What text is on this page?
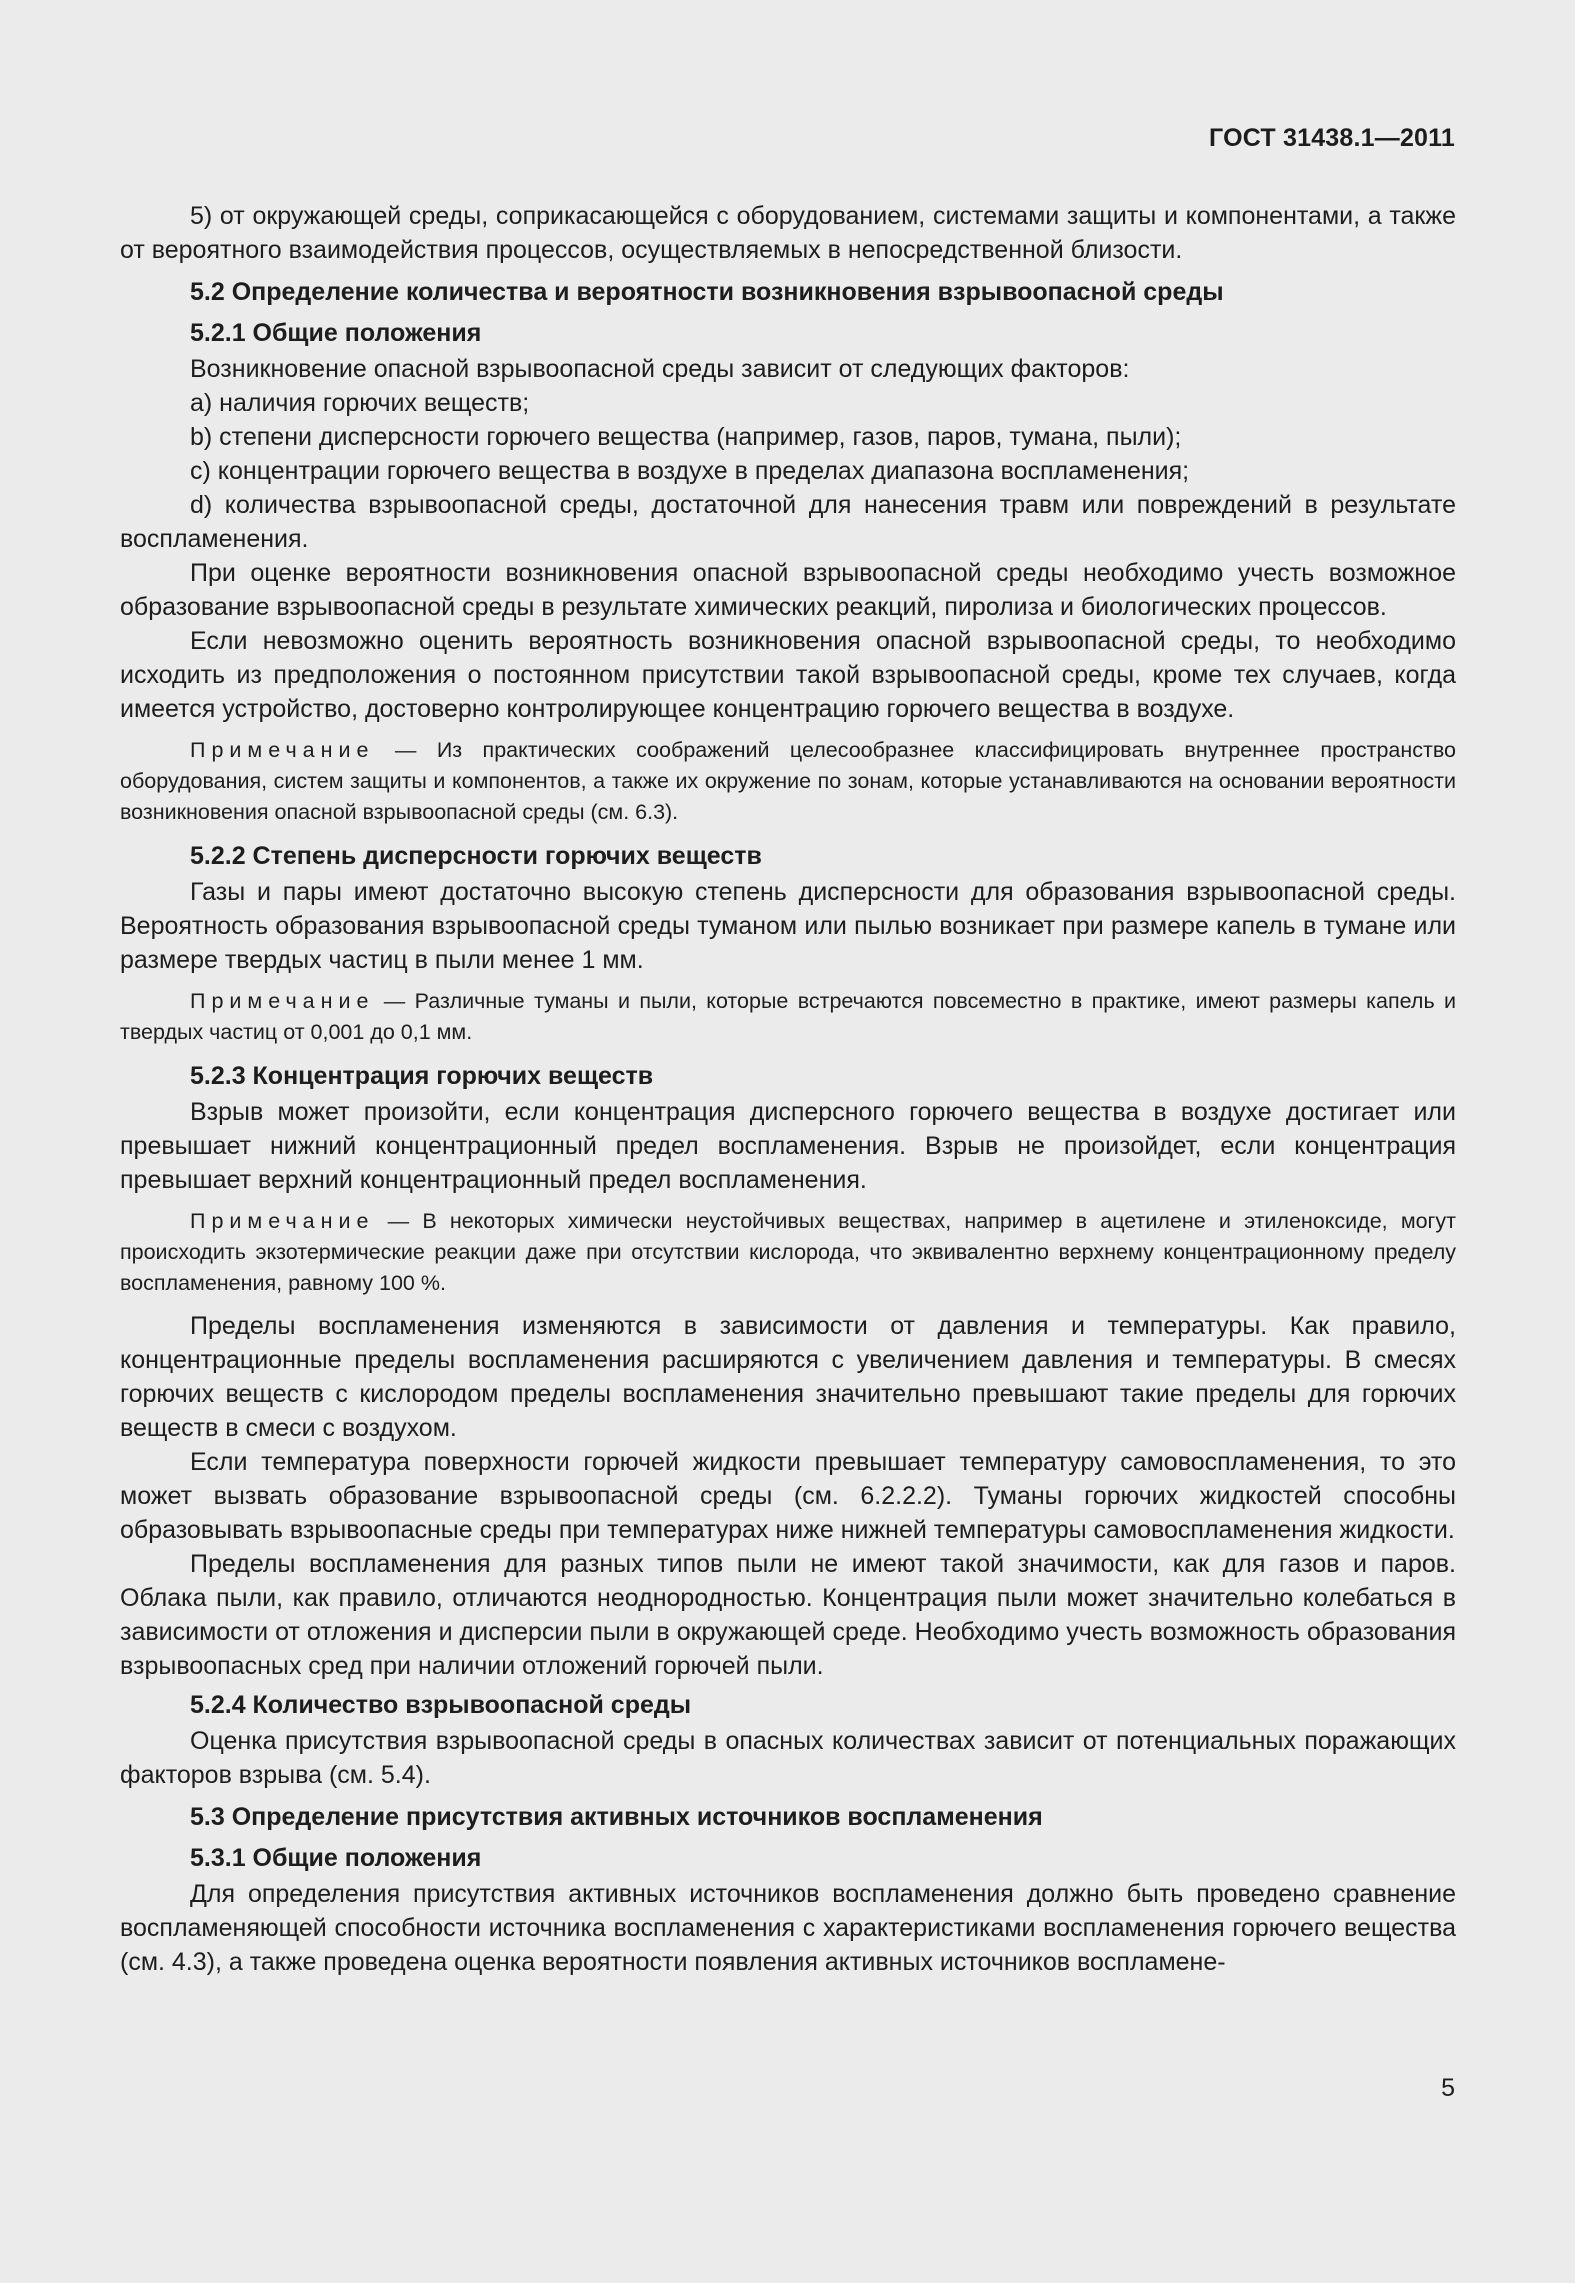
ГОСТ 31438.1—2011

5) от окружающей среды, соприкасающейся с оборудованием, системами защиты и компонентами, а также от вероятного взаимодействия процессов, осуществляемых в непосредственной близости.

5.2 Определение количества и вероятности возникновения взрывоопасной среды

5.2.1 Общие положения

Возникновение опасной взрывоопасной среды зависит от следующих факторов:

а) наличия горючих веществ;

b) степени дисперсности горючего вещества (например, газов, паров, тумана, пыли);

с) концентрации горючего вещества в воздухе в пределах диапазона воспламенения;

d) количества взрывоопасной среды, достаточной для нанесения травм или повреждений в результате воспламенения.

При оценке вероятности возникновения опасной взрывоопасной среды необходимо учесть возможное образование взрывоопасной среды в результате химических реакций, пиролиза и биологических процессов.

Если невозможно оценить вероятность возникновения опасной взрывоопасной среды, то необходимо исходить из предположения о постоянном присутствии такой взрывоопасной среды, кроме тех случаев, когда имеется устройство, достоверно контролирующее концентрацию горючего вещества в воздухе.

Примечание — Из практических соображений целесообразнее классифицировать внутреннее пространство оборудования, систем защиты и компонентов, а также их окружение по зонам, которые устанавливаются на основании вероятности возникновения опасной взрывоопасной среды (см. 6.3).

5.2.2 Степень дисперсности горючих веществ

Газы и пары имеют достаточно высокую степень дисперсности для образования взрывоопасной среды. Вероятность образования взрывоопасной среды туманом или пылью возникает при размере капель в тумане или размере твердых частиц в пыли менее 1 мм.

Примечание — Различные туманы и пыли, которые встречаются повсеместно в практике, имеют размеры капель и твердых частиц от 0,001 до 0,1 мм.

5.2.3 Концентрация горючих веществ

Взрыв может произойти, если концентрация дисперсного горючего вещества в воздухе достигает или превышает нижний концентрационный предел воспламенения. Взрыв не произойдет, если концентрация превышает верхний концентрационный предел воспламенения.

Примечание — В некоторых химически неустойчивых веществах, например в ацетилене и этиленоксиде, могут происходить экзотермические реакции даже при отсутствии кислорода, что эквивалентно верхнему концентрационному пределу воспламенения, равному 100 %.

Пределы воспламенения изменяются в зависимости от давления и температуры. Как правило, концентрационные пределы воспламенения расширяются с увеличением давления и температуры. В смесях горючих веществ с кислородом пределы воспламенения значительно превышают такие пределы для горючих веществ в смеси с воздухом.

Если температура поверхности горючей жидкости превышает температуру самовоспламенения, то это может вызвать образование взрывоопасной среды (см. 6.2.2.2). Туманы горючих жидкостей способны образовывать взрывоопасные среды при температурах ниже нижней температуры самовоспламенения жидкости.

Пределы воспламенения для разных типов пыли не имеют такой значимости, как для газов и паров. Облака пыли, как правило, отличаются неоднородностью. Концентрация пыли может значительно колебаться в зависимости от отложения и дисперсии пыли в окружающей среде. Необходимо учесть возможность образования взрывоопасных сред при наличии отложений горючей пыли.

5.2.4 Количество взрывоопасной среды

Оценка присутствия взрывоопасной среды в опасных количествах зависит от потенциальных поражающих факторов взрыва (см. 5.4).

5.3 Определение присутствия активных источников воспламенения

5.3.1 Общие положения

Для определения присутствия активных источников воспламенения должно быть проведено сравнение воспламеняющей способности источника воспламенения с характеристиками воспламенения горючего вещества (см. 4.3), а также проведена оценка вероятности появления активных источников воспламене-

5
